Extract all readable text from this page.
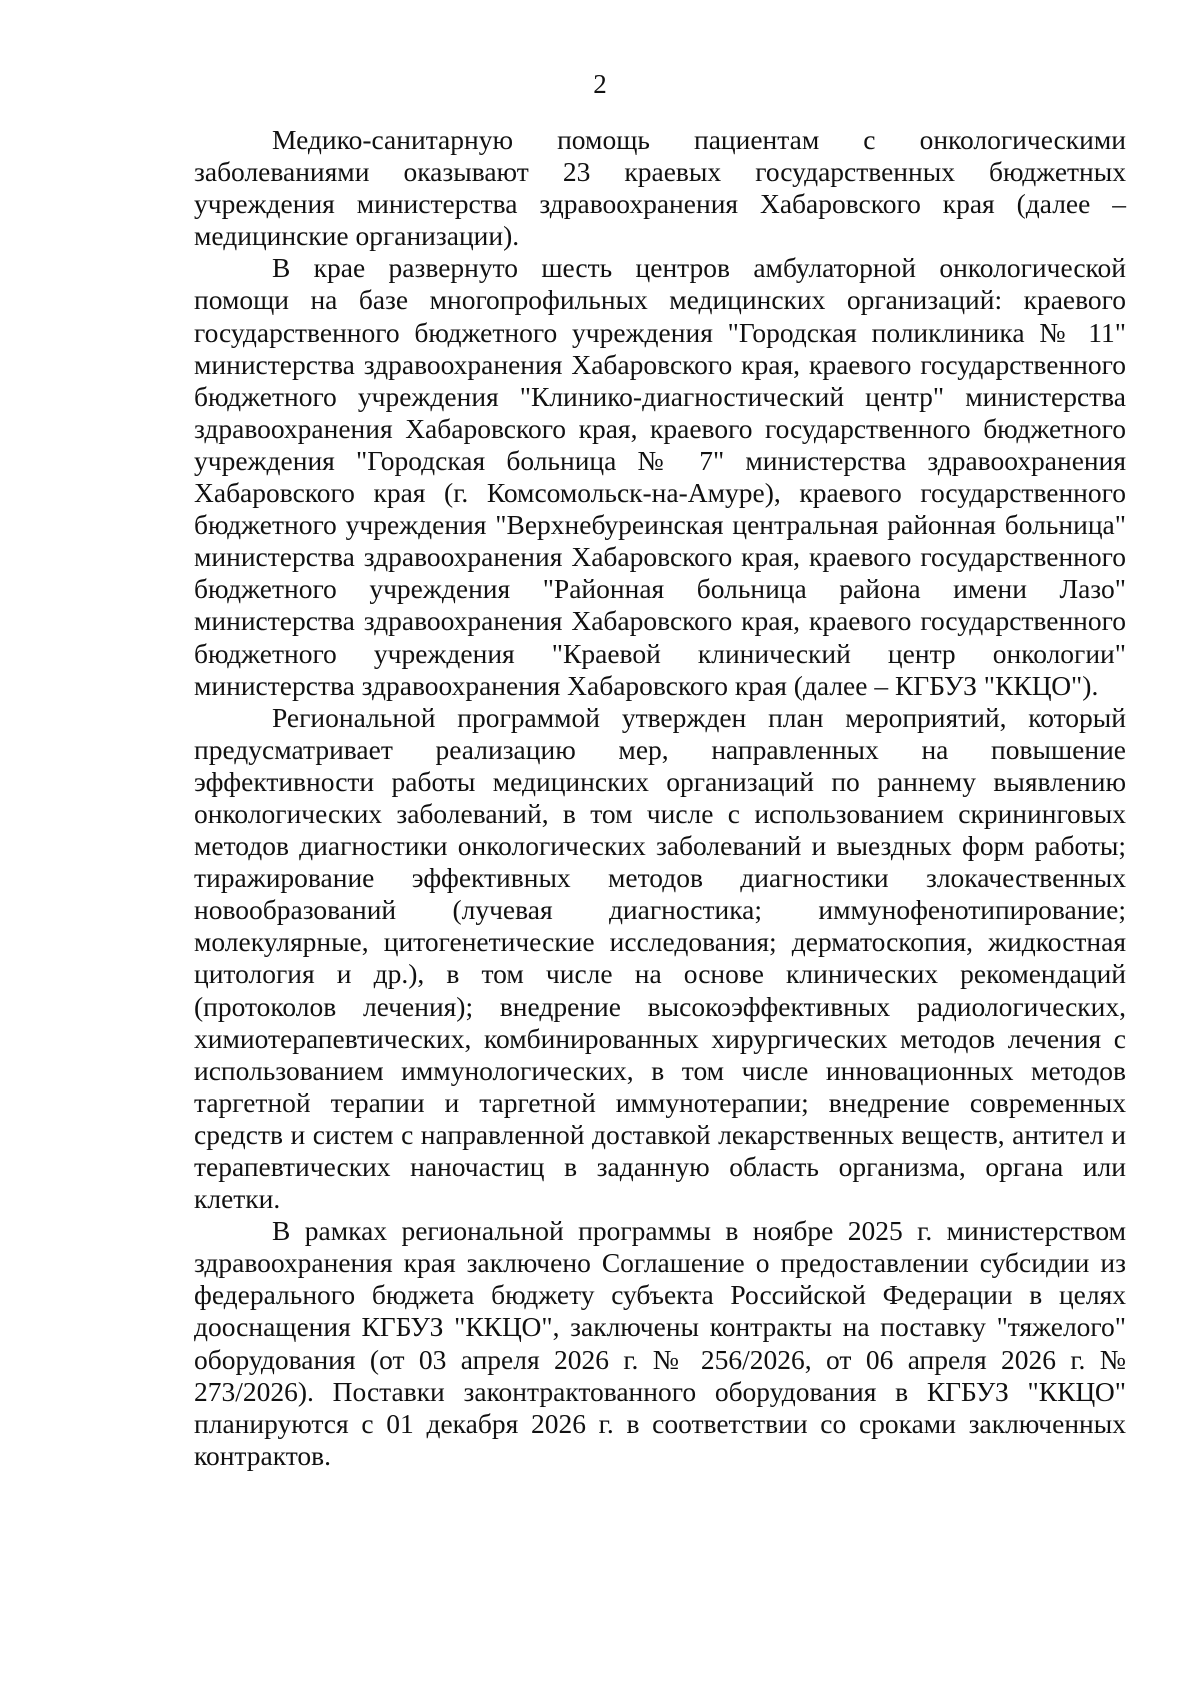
2

Медико-санитарную помощь пациентам с онкологическими заболеваниями оказывают 23 краевых государственных бюджетных учреждения министерства здравоохранения Хабаровского края (далее – медицинские организации).

В крае развернуто шесть центров амбулаторной онкологической помощи на базе многопрофильных медицинских организаций: краевого государственного бюджетного учреждения "Городская поликлиника № 11" министерства здравоохранения Хабаровского края, краевого государственного бюджетного учреждения "Клинико-диагностический центр" министерства здравоохранения Хабаровского края, краевого государственного бюджетного учреждения "Городская больница № 7" министерства здравоохранения Хабаровского края (г. Комсомольск-на-Амуре), краевого государственного бюджетного учреждения "Верхнебуреинская центральная районная больница" министерства здравоохранения Хабаровского края, краевого государственного бюджетного учреждения "Районная больница района имени Лазо" министерства здравоохранения Хабаровского края, краевого государственного бюджетного учреждения "Краевой клинический центр онкологии" министерства здравоохранения Хабаровского края (далее – КГБУЗ "ККЦО").

Региональной программой утвержден план мероприятий, который предусматривает реализацию мер, направленных на повышение эффективности работы медицинских организаций по раннему выявлению онкологических заболеваний, в том числе с использованием скрининговых методов диагностики онкологических заболеваний и выездных форм работы; тиражирование эффективных методов диагностики злокачественных новообразований (лучевая диагностика; иммунофенотипирование; молекулярные, цитогенетические исследования; дерматоскопия, жидкостная цитология и др.), в том числе на основе клинических рекомендаций (протоколов лечения); внедрение высокоэффективных радиологических, химиотерапевтических, комбинированных хирургических методов лечения с использованием иммунологических, в том числе инновационных методов таргетной терапии и таргетной иммунотерапии; внедрение современных средств и систем с направленной доставкой лекарственных веществ, антител и терапевтических наночастиц в заданную область организма, органа или клетки.

В рамках региональной программы в ноябре 2025 г. министерством здравоохранения края заключено Соглашение о предоставлении субсидии из федерального бюджета бюджету субъекта Российской Федерации в целях дооснащения КГБУЗ "ККЦО", заключены контракты на поставку "тяжелого" оборудования (от 03 апреля 2026 г. № 256/2026, от 06 апреля 2026 г. № 273/2026). Поставки законтрактованного оборудования в КГБУЗ "ККЦО" планируются с 01 декабря 2026 г. в соответствии со сроками заключенных контрактов.
